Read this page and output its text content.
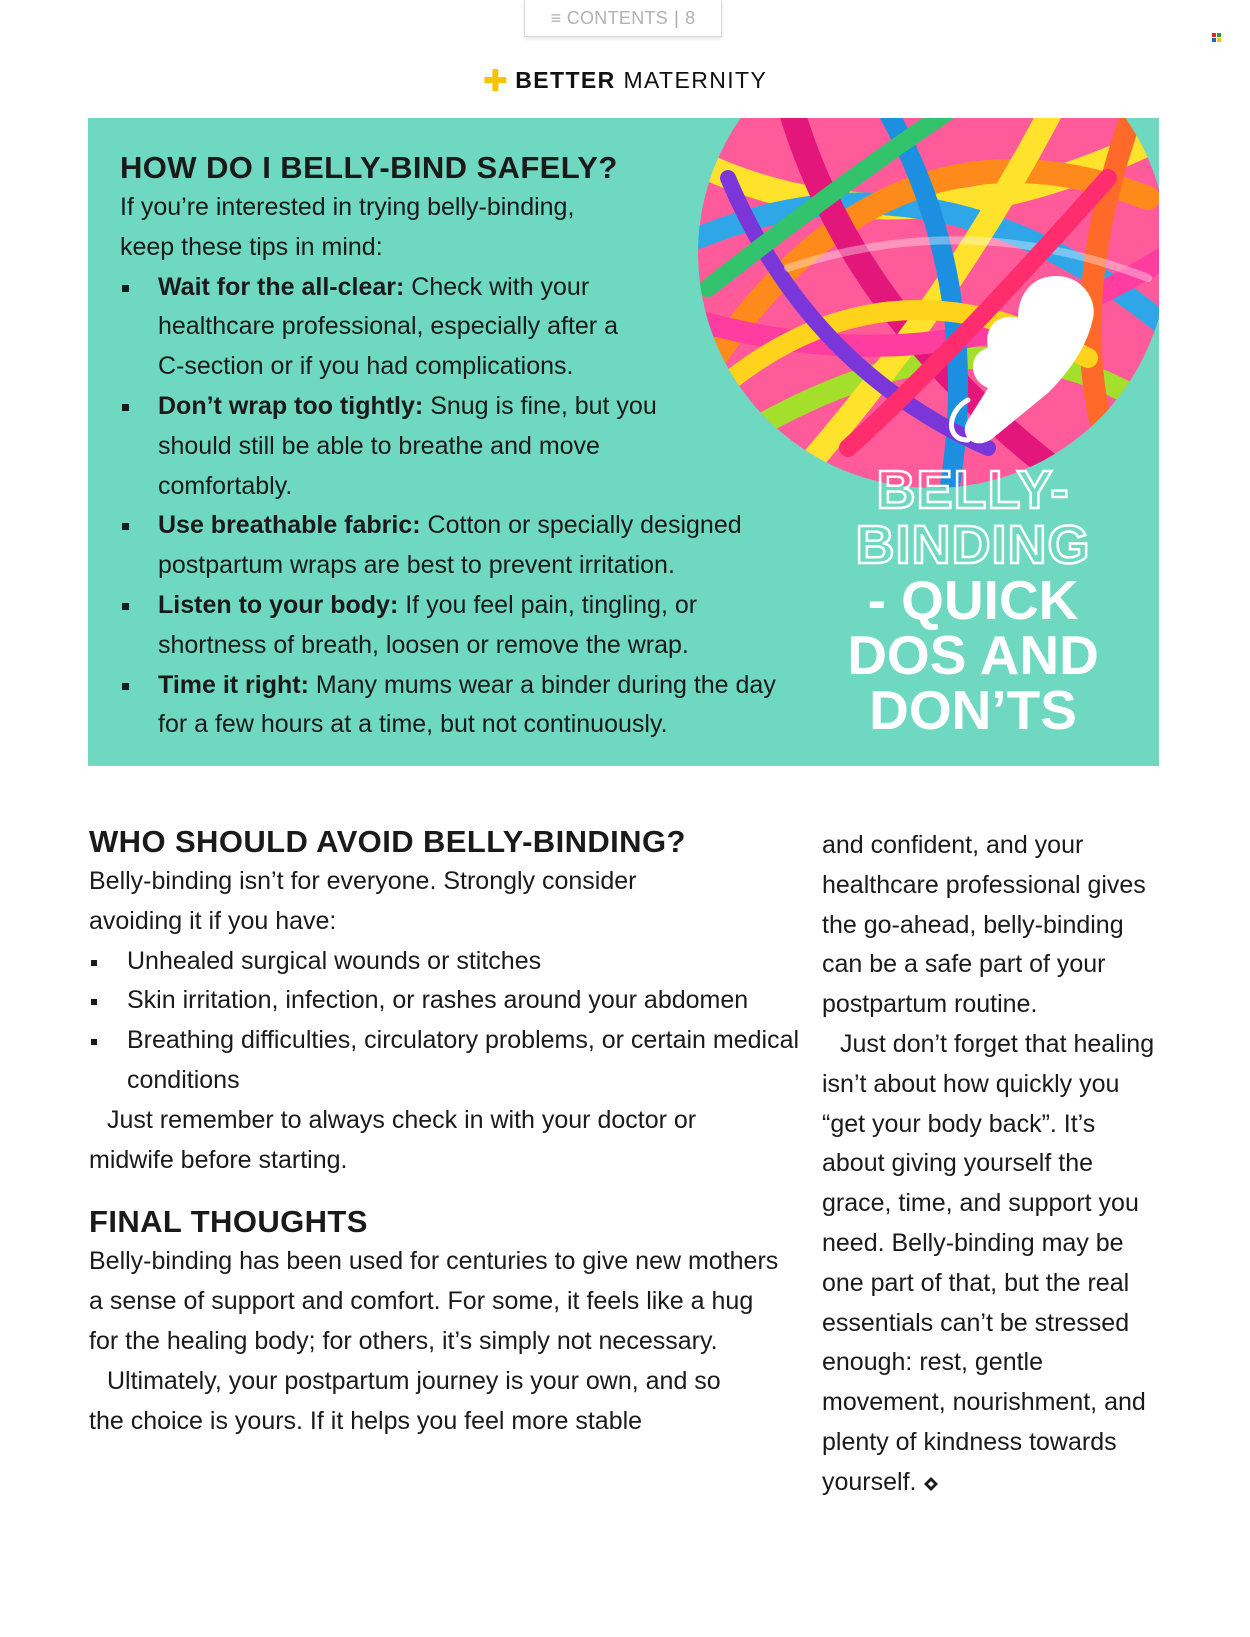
≡ CONTENTS | 8
✚ BETTER MATERNITY
HOW DO I BELLY-BIND SAFELY?

If you’re interested in trying belly-binding, keep these tips in mind:

Wait for the all-clear: Check with your healthcare professional, especially after a C-section or if you had complications.
Don’t wrap too tightly: Snug is fine, but you should still be able to breathe and move comfortably.
Use breathable fabric: Cotton or specially designed postpartum wraps are best to prevent irritation.
Listen to your body: If you feel pain, tingling, or shortness of breath, loosen or remove the wrap.
Time it right: Many mums wear a binder during the day for a few hours at a time, but not continuously.
BELLY-
BINDING
- QUICK
DOS AND
DON’TS
WHO SHOULD AVOID BELLY-BINDING?

Belly-binding isn’t for everyone. Strongly consider avoiding it if you have:

Unhealed surgical wounds or stitches
Skin irritation, infection, or rashes around your abdomen
Breathing difficulties, circulatory problems, or certain medical conditions

Just remember to always check in with your doctor or midwife before starting.

FINAL THOUGHTS

Belly-binding has been used for centuries to give new mothers a sense of support and comfort. For some, it feels like a hug for the healing body; for others, it’s simply not necessary.

Ultimately, your postpartum journey is your own, and so the choice is yours. If it helps you feel more stable

and confident, and your healthcare professional gives the go-ahead, belly-binding can be a safe part of your postpartum routine.

Just don’t forget that healing isn’t about how quickly you “get your body back”. It’s about giving yourself the grace, time, and support you need. Belly-binding may be one part of that, but the real essentials can’t be stressed enough: rest, gentle movement, nourishment, and plenty of kindness towards yourself.
